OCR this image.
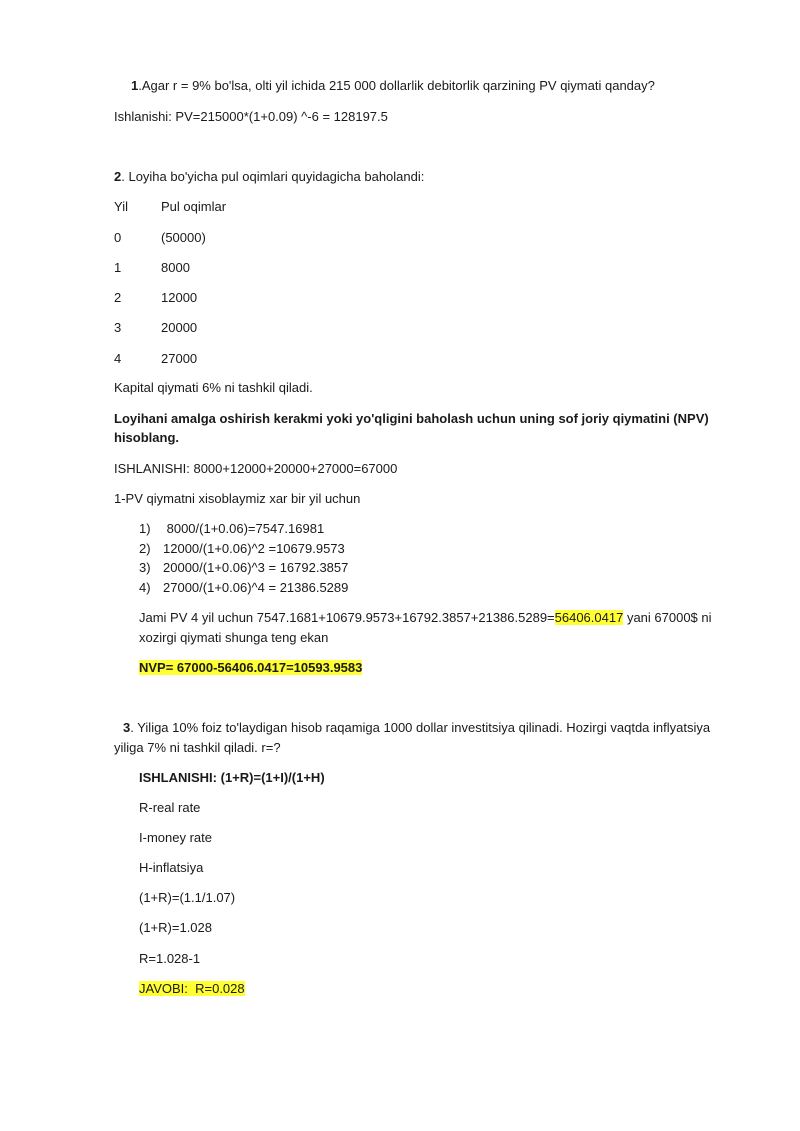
1.Agar r = 9% bo'lsa, olti yil ichida 215 000 dollarlik debitorlik qarzining PV qiymati qanday?
Ishlanishi: PV=215000*(1+0.09) ^-6 = 128197.5
2. Loyiha bo'yicha pul oqimlari quyidagicha baholandi:
Yil	Pul oqimlar
0	(50000)
1	8000
2	12000
3	20000
4	27000
Kapital qiymati 6% ni tashkil qiladi.
Loyihani amalga oshirish kerakmi yoki yo'qligini baholash uchun uning sof joriy qiymatini (NPV) hisoblang.
ISHLANISHI: 8000+12000+20000+27000=67000
1-PV qiymatni xisoblaymiz xar bir yil uchun
1) 8000/(1+0.06)=7547.16981
2) 12000/(1+0.06)^2 =10679.9573
3) 20000/(1+0.06)^3 = 16792.3857
4) 27000/(1+0.06)^4 = 21386.5289
Jami PV 4 yil uchun 7547.1681+10679.9573+16792.3857+21386.5289=56406.0417 yani 67000$ ni
xozirgi qiymati shunga teng ekan
NVP= 67000-56406.0417=10593.9583
3. Yiliga 10% foiz to'laydigan hisob raqamiga 1000 dollar investitsiya qilinadi. Hozirgi vaqtda inflyatsiya
yiliga 7% ni tashkil qiladi. r=?
ISHLANISHI: (1+R)=(1+I)/(1+H)
R-real rate
I-money rate
H-inflatsiya
(1+R)=(1.1/1.07)
(1+R)=1.028
R=1.028-1
JAVOBI:  R=0.028
